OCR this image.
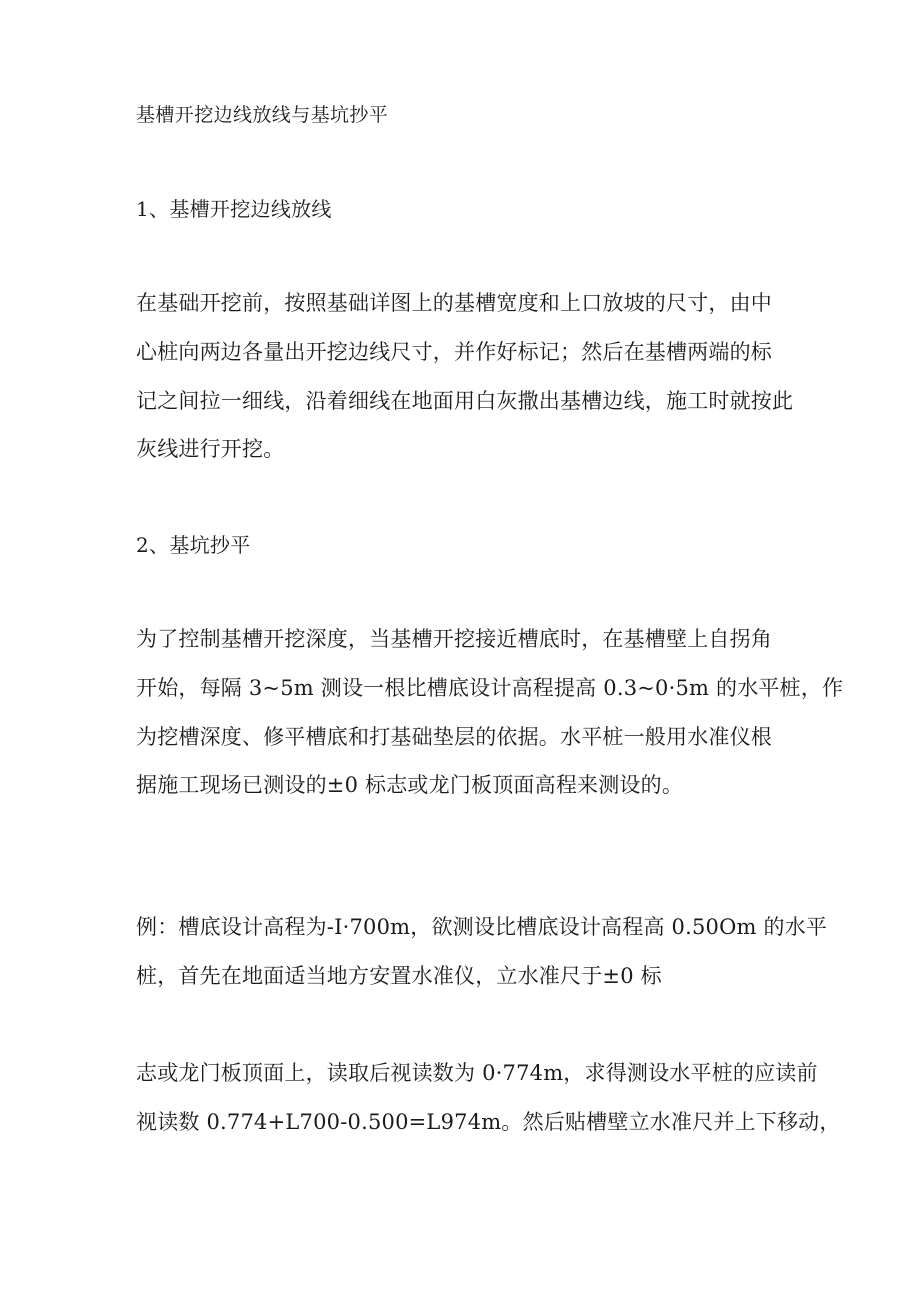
基槽开挖边线放线与基坑抄平
1、基槽开挖边线放线
在基础开挖前，按照基础详图上的基槽宽度和上口放坡的尺寸，由中
心桩向两边各量出开挖边线尺寸，并作好标记；然后在基槽两端的标
记之间拉一细线，沿着细线在地面用白灰撒出基槽边线，施工时就按此
灰线进行开挖。
2、基坑抄平
为了控制基槽开挖深度，当基槽开挖接近槽底时，在基槽壁上自拐角
开始，每隔 3~5m 测设一根比槽底设计高程提高 0.3~0·5m 的水平桩，作
为挖槽深度、修平槽底和打基础垫层的依据。水平桩一般用水准仪根
据施工现场已测设的±0 标志或龙门板顶面高程来测设的。
例：槽底设计高程为-I·700m，欲测设比槽底设计高程高 0.50Om 的水平
桩，首先在地面适当地方安置水准仪，立水准尺于±0 标
志或龙门板顶面上，读取后视读数为 0·774m，求得测设水平桩的应读前
视读数 0.774+L700-0.500=L974m。然后贴槽壁立水准尺并上下移动，
